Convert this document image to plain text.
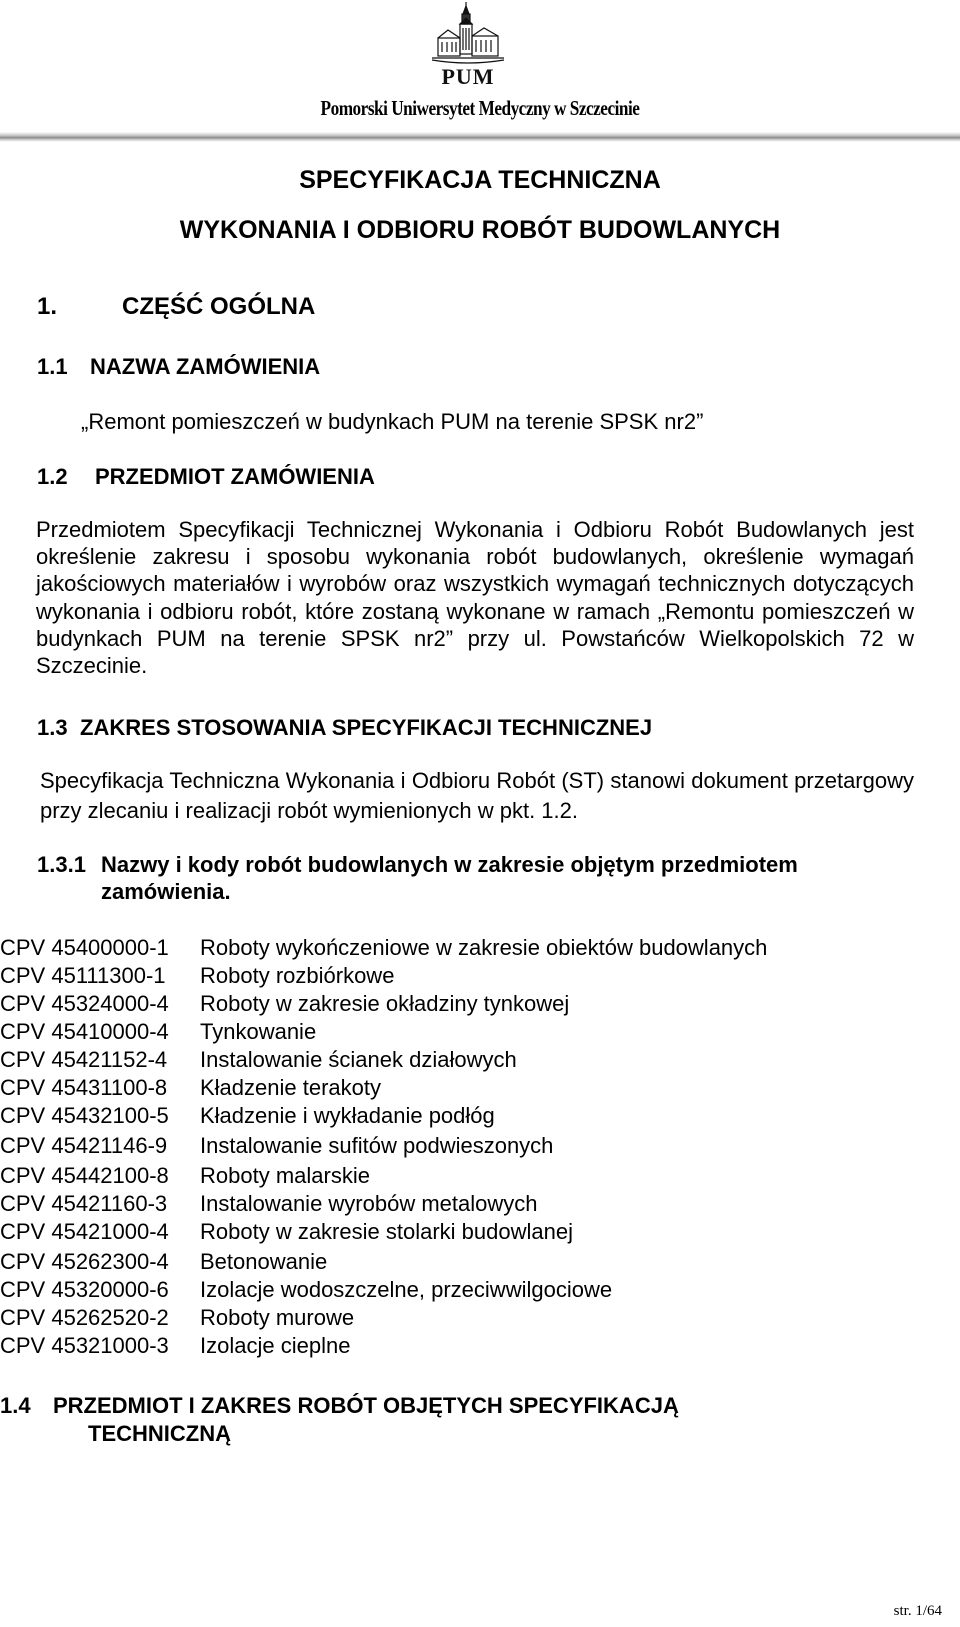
PUM
Pomorski Uniwersytet Medyczny w Szczecinie
SPECYFIKACJA TECHNICZNA
WYKONANIA I ODBIORU ROBÓT BUDOWLANYCH
1.	CZĘŚĆ OGÓLNA
1.1 NAZWA ZAMÓWIENIA
„Remont pomieszczeń w budynkach PUM na terenie SPSK nr2”
1.2 PRZEDMIOT ZAMÓWIENIA
Przedmiotem Specyfikacji Technicznej Wykonania i Odbioru Robót Budowlanych jest określenie zakresu i sposobu wykonania robót budowlanych, określenie wymagań jakościowych materiałów i wyrobów oraz wszystkich wymagań technicznych dotyczących wykonania i odbioru robót, które zostaną wykonane w ramach „Remontu pomieszczeń w budynkach PUM na terenie SPSK nr2” przy ul. Powstańców Wielkopolskich 72 w Szczecinie.
1.3 ZAKRES STOSOWANIA SPECYFIKACJI TECHNICZNEJ
Specyfikacja Techniczna Wykonania i Odbioru Robót (ST) stanowi dokument przetargowy przy zlecaniu i realizacji robót wymienionych w pkt. 1.2.
1.3.1 Nazwy i kody robót budowlanych w zakresie objętym przedmiotem
zamówienia.
CPV 45400000-1	Roboty wykończeniowe w zakresie obiektów budowlanych
CPV 45111300-1	Roboty rozbiórkowe
CPV 45324000-4	Roboty w zakresie okładziny tynkowej
CPV 45410000-4	Tynkowanie
CPV 45421152-4	Instalowanie ścianek działowych
CPV 45431100-8	Kładzenie terakoty
CPV 45432100-5	Kładzenie i wykładanie podłóg
CPV 45421146-9	Instalowanie sufitów podwieszonych
CPV 45442100-8	Roboty malarskie
CPV 45421160-3	Instalowanie wyrobów metalowych
CPV 45421000-4	Roboty w zakresie stolarki budowlanej
CPV 45262300-4	Betonowanie
CPV 45320000-6	Izolacje wodoszczelne, przeciwwilgociowe
CPV 45262520-2	Roboty murowe
CPV 45321000-3	Izolacje cieplne
1.4 PRZEDMIOT I ZAKRES ROBÓT OBJĘTYCH SPECYFIKACJĄ
TECHNICZNĄ
str. 1/64
